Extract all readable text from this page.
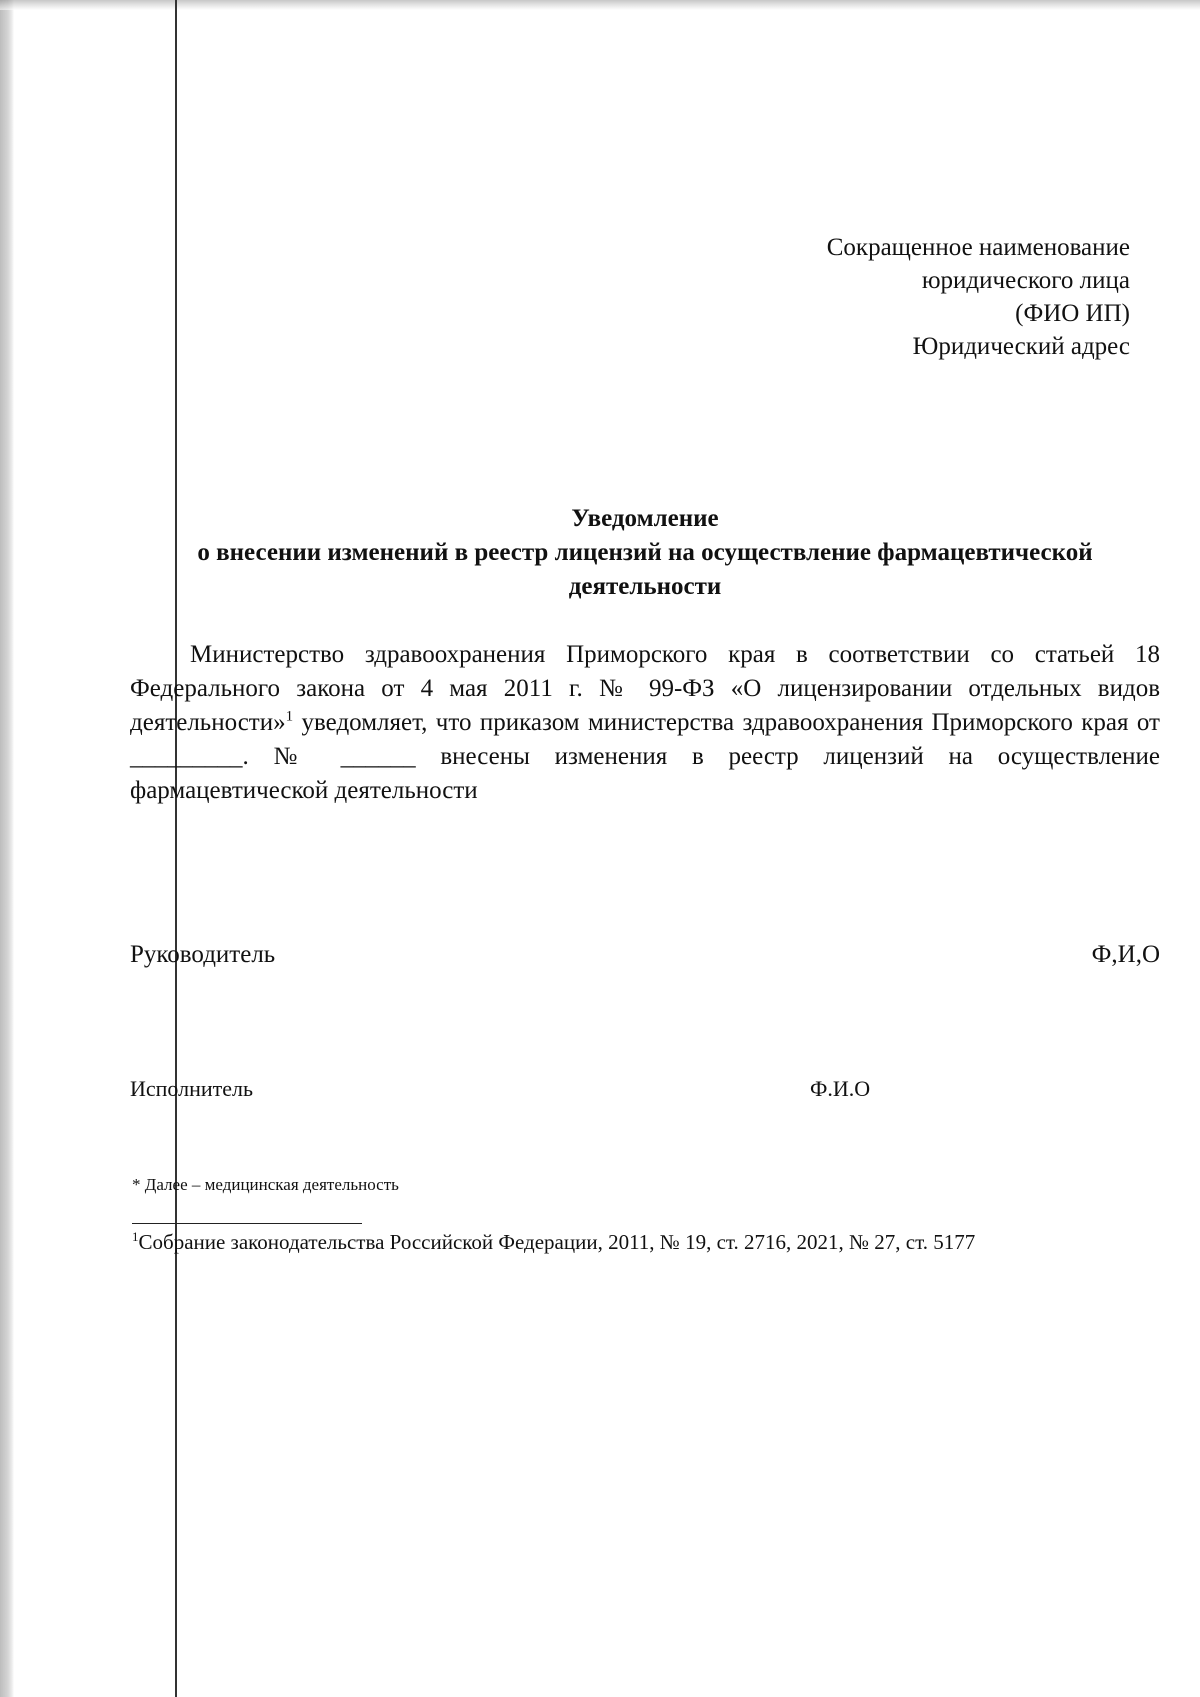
Сокращенное наименование
юридического лица
(ФИО ИП)
Юридический адрес
Уведомление
о внесении изменений в реестр лицензий на осуществление фармацевтической
деятельности
Министерство здравоохранения Приморского края в соответствии со статьей 18 Федерального закона от 4 мая 2011 г. № 99-ФЗ «О лицензировании отдельных видов деятельности»$^1$ уведомляет, что приказом министерства здравоохранения Приморского края от _________. № ______ внесены изменения в реестр лицензий на осуществление фармацевтической деятельности
Руководитель	Ф,И,О
Исполнитель	Ф.И.О
* Далее – медицинская деятельность
$^1$Собрание законодательства Российской Федерации, 2011, № 19, ст. 2716, 2021, № 27, ст. 5177
